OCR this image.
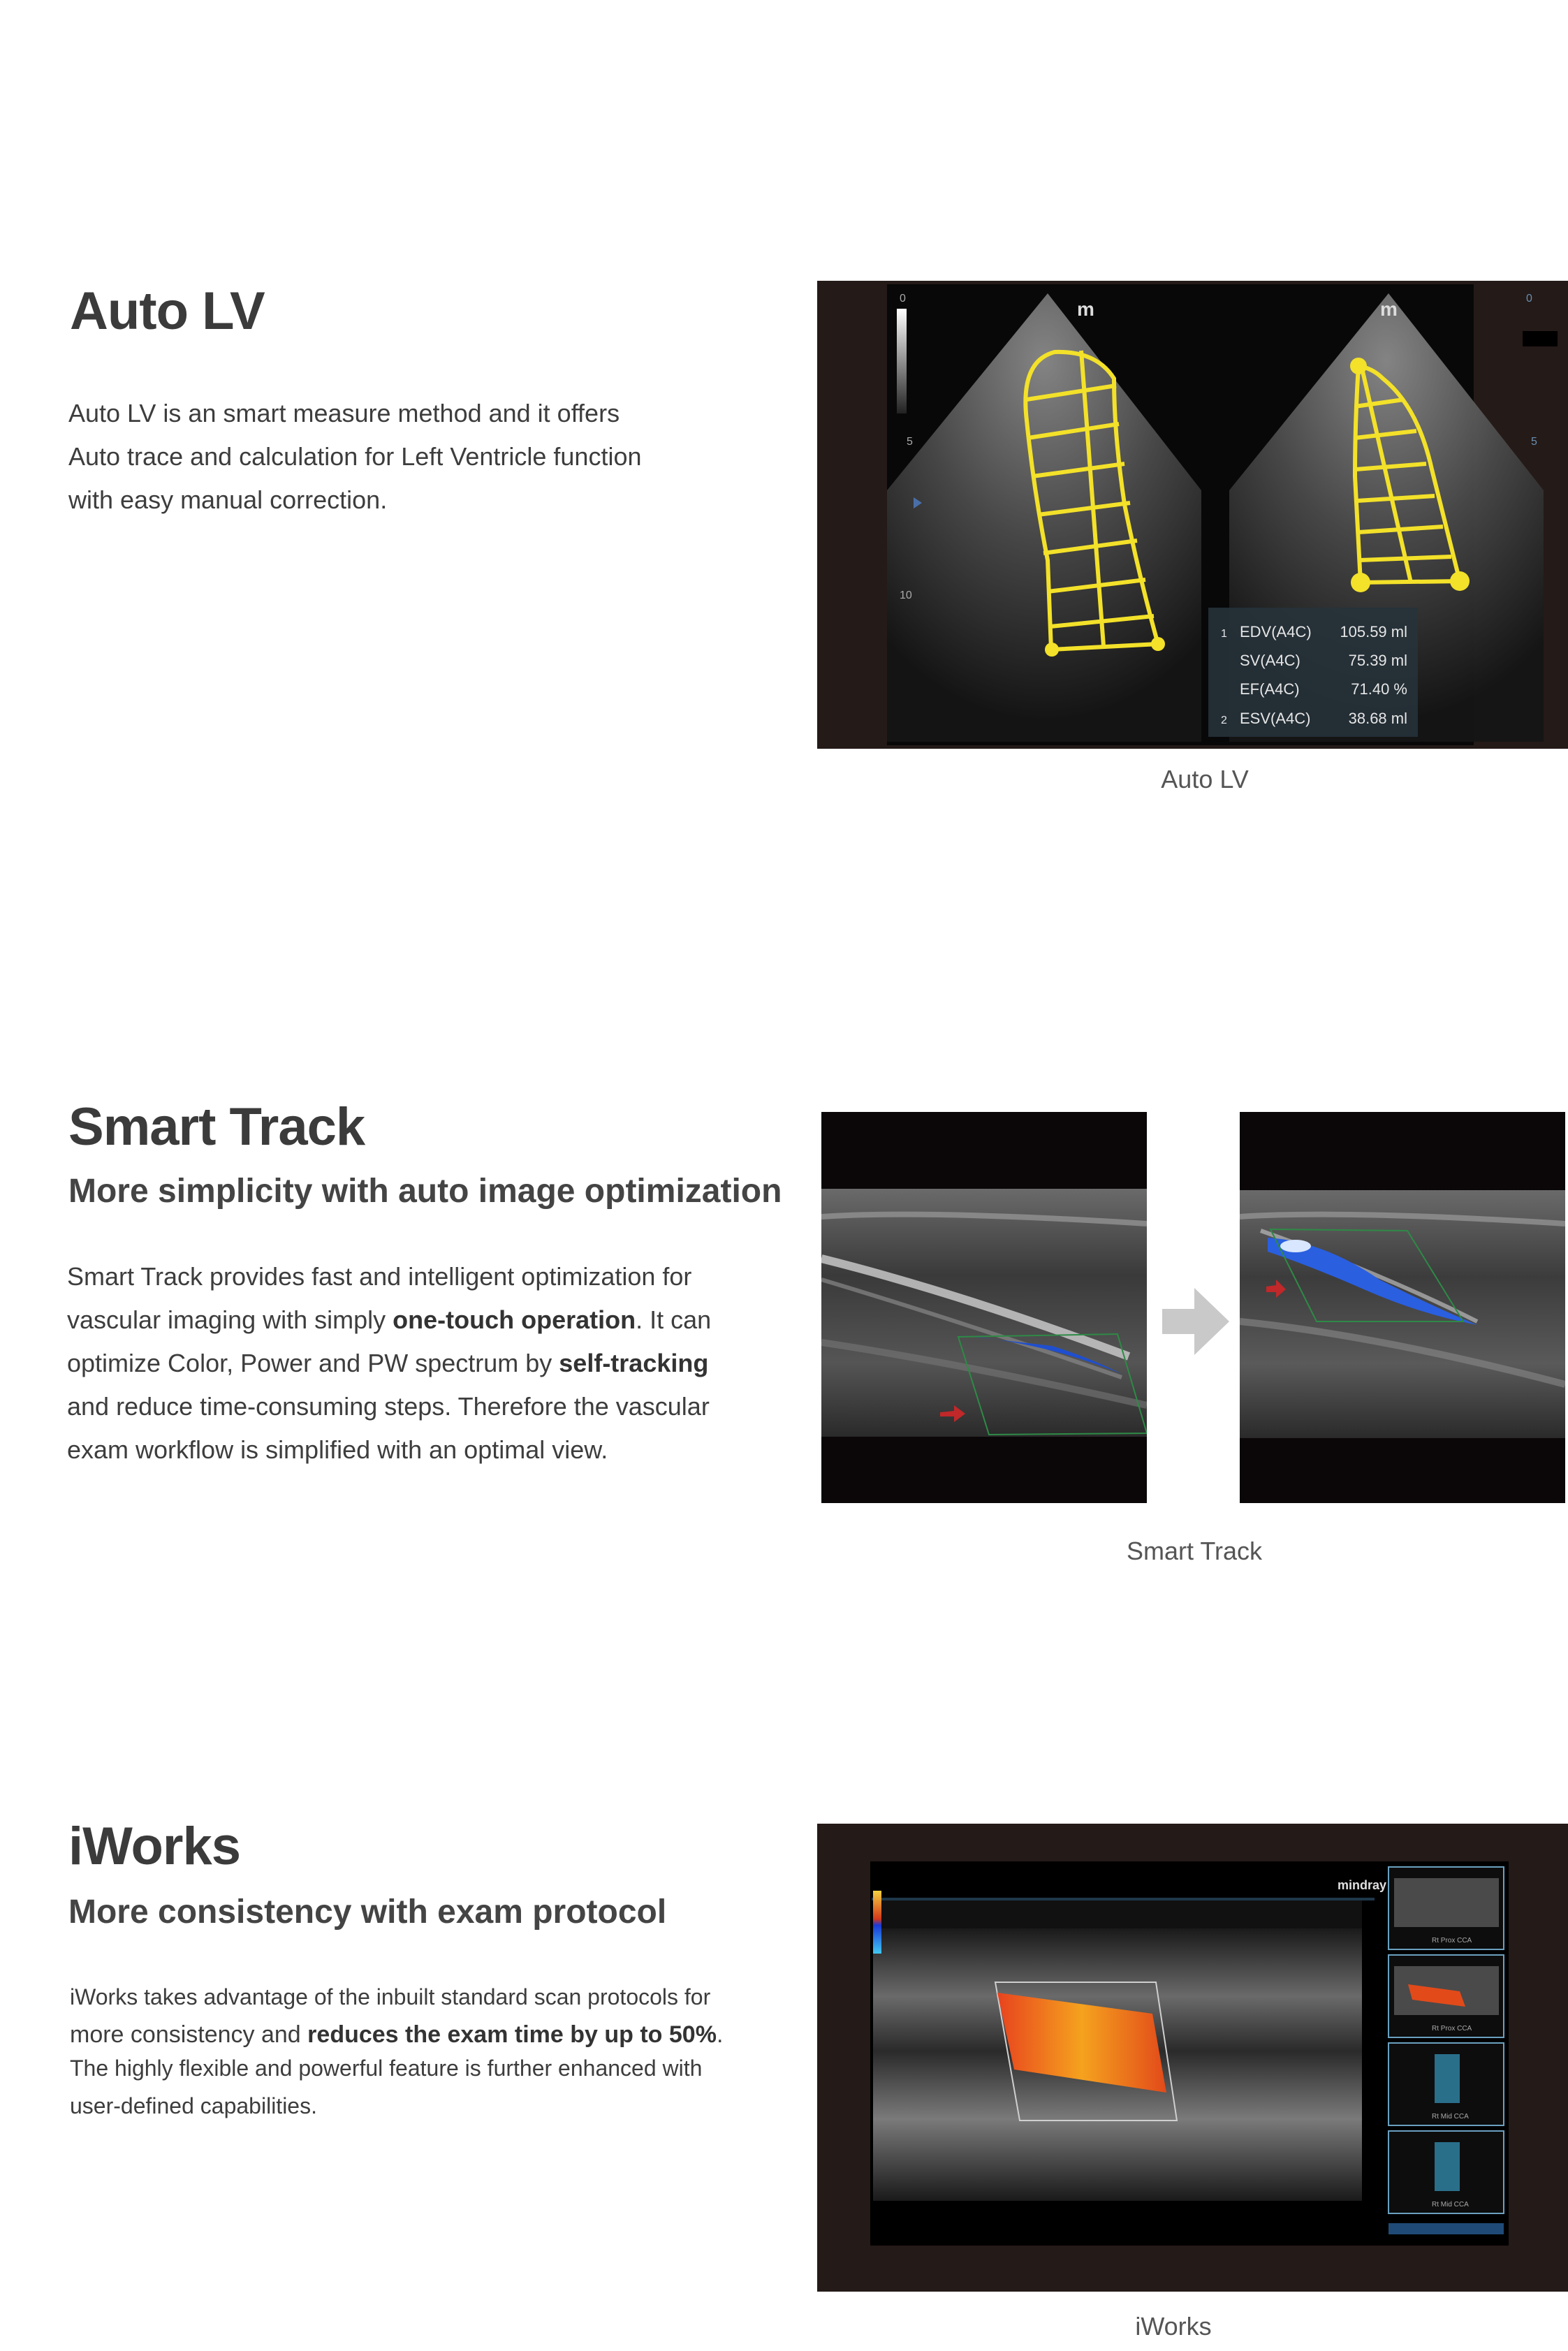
Auto LV
Auto LV is an smart measure method and it offers
Auto trace and calculation for Left Ventricle function
with easy manual correction.
0
5
10
0
5
m	m
1 EDV(A4C) 105.59 ml
SV(A4C)	75.39 ml
EF(A4C)	71.40 %
2 ESV(A4C) 38.68 ml
Auto LV
Smart Track
More simplicity with auto image optimization
Smart Track provides fast and intelligent optimization for
vascular imaging with simply one-touch operation. It can
optimize Color, Power and PW spectrum by self-tracking
and reduce time-consuming steps. Therefore the vascular
exam workflow is simplified with an optimal view.
Smart Track
iWorks
More consistency with exam protocol
iWorks takes advantage of the inbuilt standard scan protocols for
more consistency and reduces the exam time by up to 50%.
The highly flexible and powerful feature is further enhanced with
user-defined capabilities.
mindray
Rt Prox CCA
Rt Prox CCA
Rt Mid CCA
Rt Mid CCA
iWorks
